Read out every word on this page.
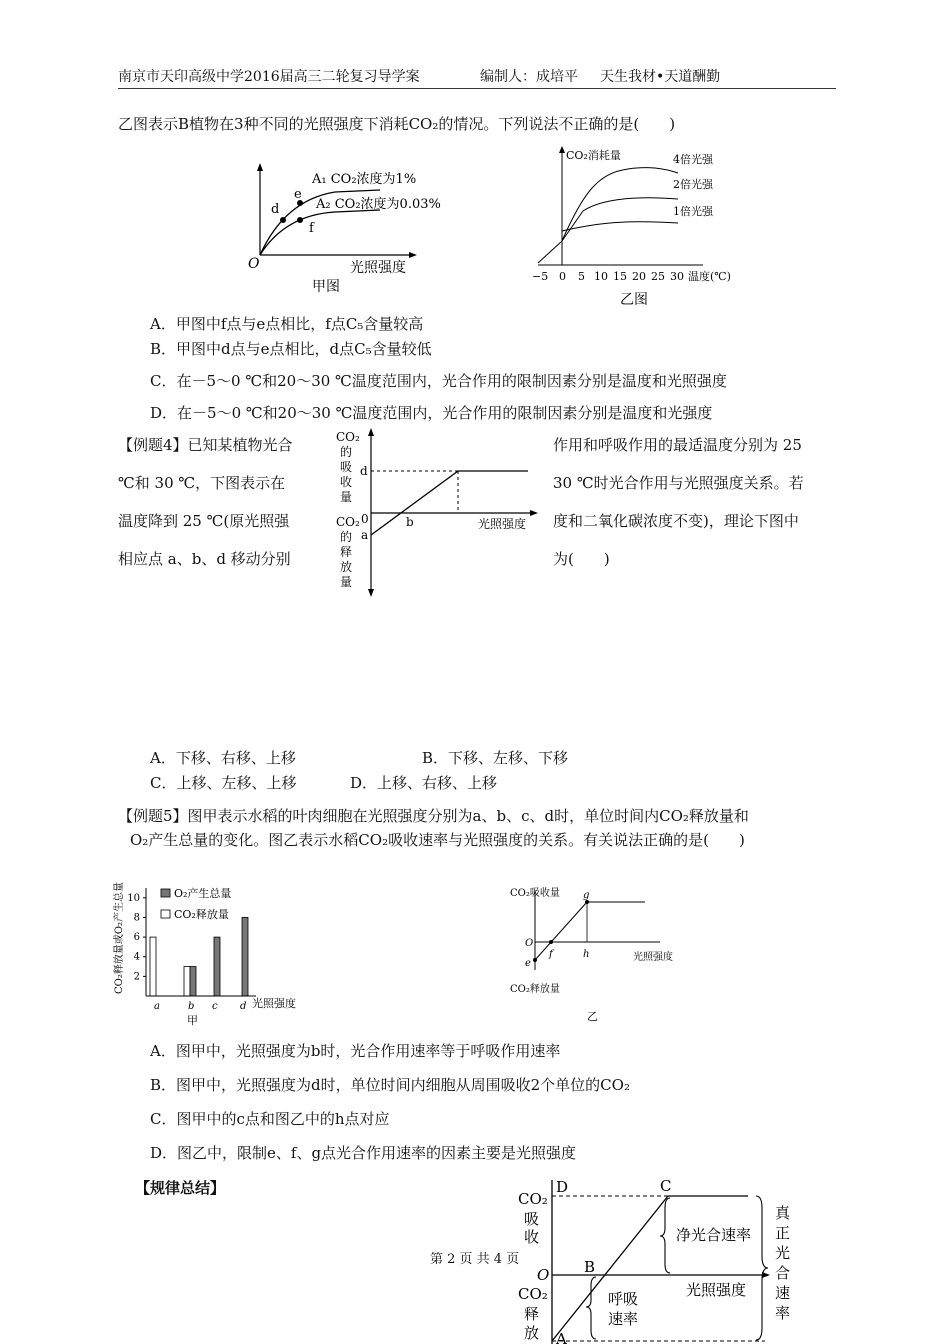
南京市天印高级中学2016届高三二轮复习导学案	编制人：成培平 天生我材•天道酬勤
乙图表示B植物在3种不同的光照强度下消耗CO₂的情况。下列说法不正确的是(　　)
d
e
f
A₁ CO₂浓度为1%
A₂ CO₂浓度为0.03%
O	光照强度
甲图
CO₂消耗量	4倍光强
2倍光强
1倍光强
−5 0 5 10 15 20 25 30 温度(℃)
乙图
A．甲图中f点与e点相比，f点C₅含量较高
B．甲图中d点与e点相比，d点C₅含量较低
C．在－5～0 ℃和20～30 ℃温度范围内，光合作用的限制因素分别是温度和光照强度
D．在－5～0 ℃和20～30 ℃温度范围内，光合作用的限制因素分别是温度和光强度
【例题4】已知某植物光合
℃和 30 ℃，下图表示在
温度降到 25 ℃(原光照强
相应点 a、b、d 移动分别
作用和呼吸作用的最适温度分别为 25
30 ℃时光合作用与光照强度关系。若
度和二氧化碳浓度不变)，理论下图中
为(　　)
CO₂
的
吸
收
量
CO₂
的
释
放
量
d
0
a
b	光照强度
A．下移、右移、上移	B．下移、左移、下移
C．上移、左移、上移	D．上移、右移、上移
【例题5】图甲表示水稻的叶肉细胞在光照强度分别为a、b、c、d时，单位时间内CO₂释放量和
O₂产生总量的变化。图乙表示水稻CO₂吸收速率与光照强度的关系。有关说法正确的是(　　)
2
4
6
8
10
a	b c d
O₂产生总量
CO₂释放量
CO₂释放量或O₂产生总量
光照强度
甲
CO₂吸收量
CO₂释放量
g
f	h
e
O
光照强度
乙
A．图甲中，光照强度为b时，光合作用速率等于呼吸作用速率
B．图甲中，光照强度为d时，单位时间内细胞从周围吸收2个单位的CO₂
C．图甲中的c点和图乙中的h点对应
D．图乙中，限制e、f、g点光合作用速率的因素主要是光照强度
【规律总结】
CO₂
吸
收
CO₂
释
放
D	C
B
A
O
净光合速率
呼吸
速率
光照强度
真
正
光
合
速
率
第 2 页 共 4 页
